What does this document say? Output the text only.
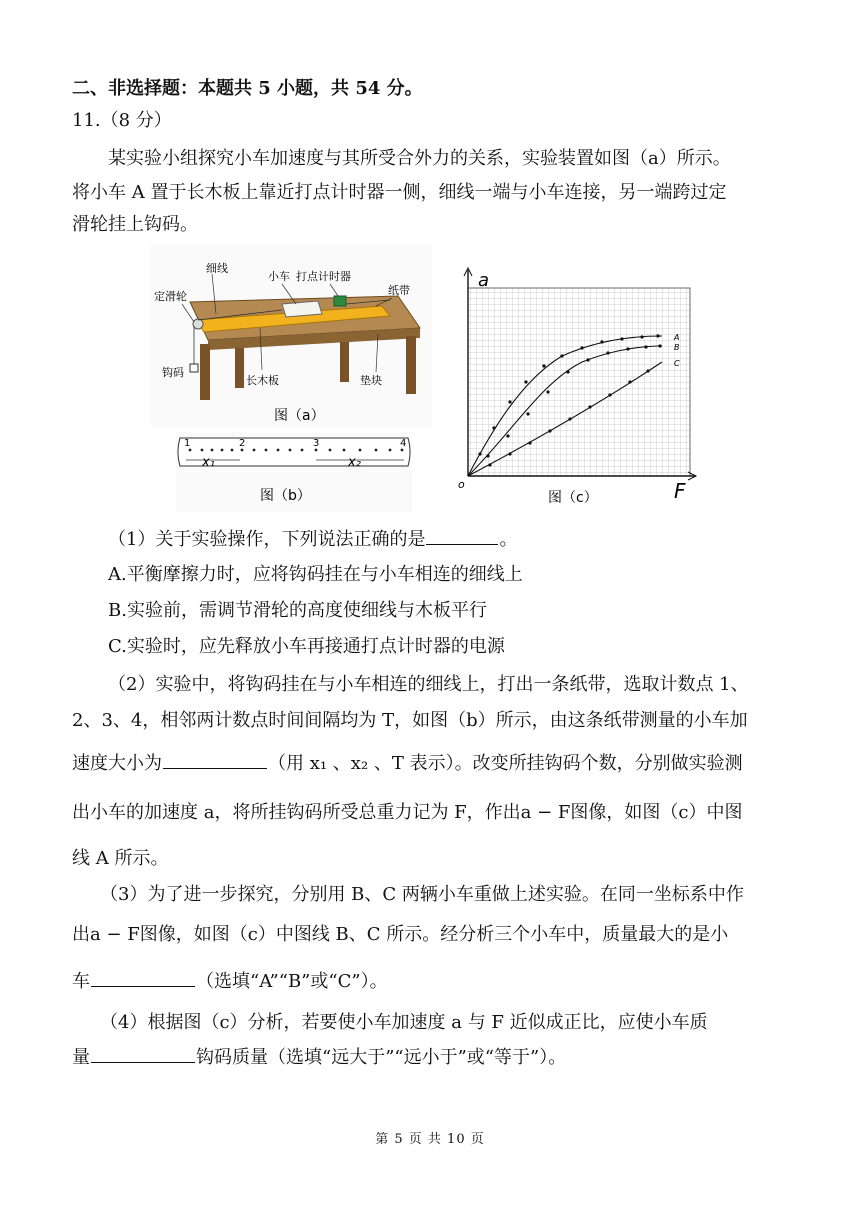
二、非选择题：本题共 5 小题，共 54 分。
11.（8 分）
某实验小组探究小车加速度与其所受合外力的关系，实验装置如图（a）所示。
将小车 A 置于长木板上靠近打点计时器一侧，细线一端与小车连接，另一端跨过定
滑轮挂上钩码。
细线
定滑轮
小车 打点计时器
纸带
钩码
长木板	垫块
图（a）
1	2	3	4
x₁	x₂
图（b）
a
F
o
A
B
C
图（c）
（1）关于实验操作，下列说法正确的是	。
A.平衡摩擦力时，应将钩码挂在与小车相连的细线上
B.实验前，需调节滑轮的高度使细线与木板平行
C.实验时，应先释放小车再接通打点计时器的电源
（2）实验中，将钩码挂在与小车相连的细线上，打出一条纸带，选取计数点 1、
2、3、4，相邻两计数点时间间隔均为 T，如图（b）所示，由这条纸带测量的小车加
速度大小为	（用 x₁ 、x₂ 、T 表示）。改变所挂钩码个数，分别做实验测
出小车的加速度 a，将所挂钩码所受总重力记为 F，作出a − F图像，如图（c）中图
线 A 所示。
（3）为了进一步探究，分别用 B、C 两辆小车重做上述实验。在同一坐标系中作
出a − F图像，如图（c）中图线 B、C 所示。经分析三个小车中，质量最大的是小
车	（选填“A”“B”或“C”）。
（4）根据图（c）分析，若要使小车加速度 a 与 F 近似成正比，应使小车质
量	钩码质量（选填“远大于”“远小于”或“等于”）。
第 5 页 共 10 页
